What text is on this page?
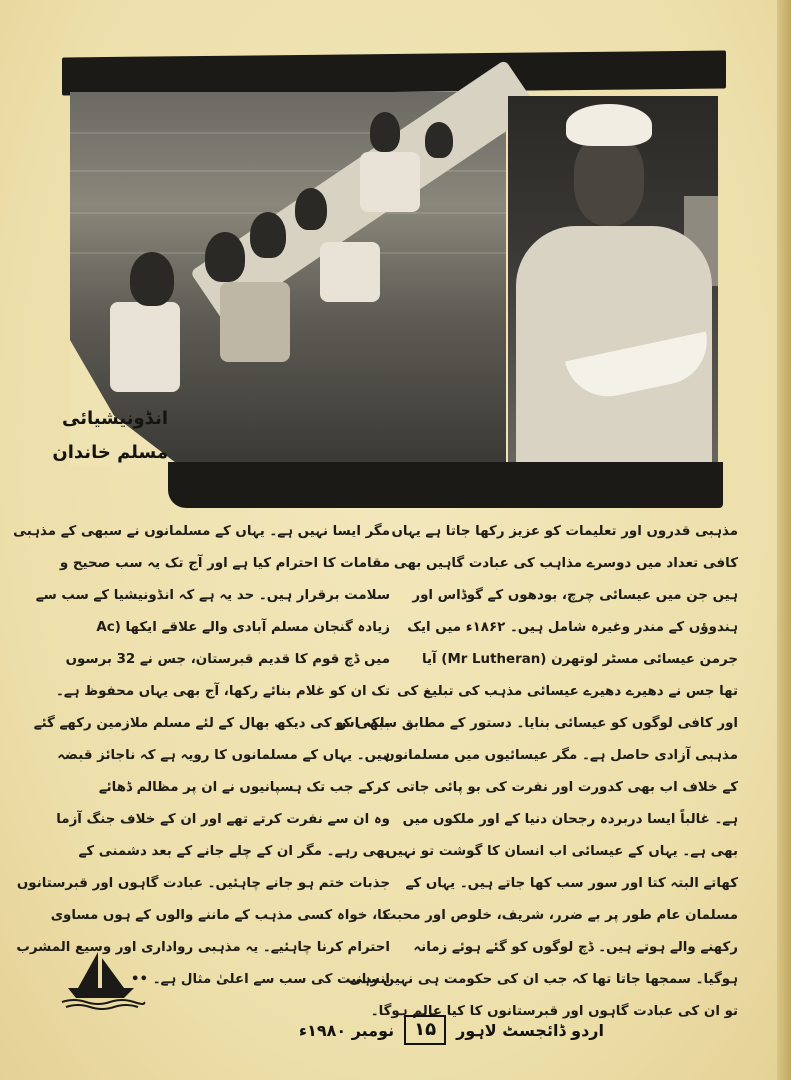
انڈونیشیائی
مسلم خاندان
مذہبی قدروں اور تعلیمات کو عزیز رکھا جاتا ہے یہاں
کافی تعداد میں دوسرے مذاہب کی عبادت گاہیں بھی
ہیں جن میں عیسائی چرچ، بودھوں کے گوڈاس اور
ہندوؤں کے مندر وغیرہ شامل ہیں۔ ۱۸۶۲ء میں ایک
جرمن عیسائی مسٹر لوتھرن (Mr Lutheran) آیا
تھا جس نے دھیرے دھیرے عیسائی مذہب کی تبلیغ کی
اور کافی لوگوں کو عیسائی بنایا۔ دستور کے مطابق سبھی کو
مذہبی آزادی حاصل ہے۔ مگر عیسائیوں میں مسلمانوں
کے خلاف اب بھی کدورت اور نفرت کی بو پائی جاتی
ہے۔ غالباً ایسا دربردہ رجحان دنیا کے اور ملکوں میں
بھی ہے۔ یہاں کے عیسائی اب انسان کا گوشت تو نہیں
کھاتے البتہ کتا اور سور سب کھا جاتے ہیں۔ یہاں کے
مسلمان عام طور پر بے ضرر، شریف، خلوص اور محبت
رکھنے والے ہوتے ہیں۔ ڈچ لوگوں کو گئے ہوئے زمانہ
ہوگیا۔ سمجھا جاتا تھا کہ جب ان کی حکومت ہی نہیں رہی
تو ان کی عبادت گاہوں اور قبرستانوں کا کیا عالم ہوگا۔
مگر ایسا نہیں ہے۔ یہاں کے مسلمانوں نے سبھی کے مذہبی
مقامات کا احترام کیا ہے اور آج تک یہ سب صحیح و
سلامت برقرار ہیں۔ حد یہ ہے کہ انڈونیشیا کے سب سے
زیادہ گنجان مسلم آبادی والے علاقے ایکھا (Ac
میں ڈچ قوم کا قدیم قبرستان، جس نے 32 برسوں
تک ان کو غلام بنائے رکھا، آج بھی یہاں محفوظ ہے۔
بلکہ اس کی دیکھ بھال کے لئے مسلم ملازمین رکھے گئے
ہیں۔ یہاں کے مسلمانوں کا رویہ ہے کہ ناجائز قبضہ
کرکے جب تک ہسپانیوں نے ان پر مظالم ڈھائے
وہ ان سے نفرت کرتے تھے اور ان کے خلاف جنگ آزما
بھی رہے۔ مگر ان کے چلے جانے کے بعد دشمنی کے
جذبات ختم ہو جانے چاہئیں۔ عبادت گاہوں اور قبرستانوں
کا، خواہ کسی مذہب کے ماننے والوں کے ہوں مساوی
احترام کرنا چاہئیے۔ یہ مذہبی رواداری اور وسیع المشرب
انسانیت کی سب سے اعلیٰ مثال ہے۔ ••
اردو ڈائجسٹ لاہور
۱۵
نومبر ۱۹۸۰ء
